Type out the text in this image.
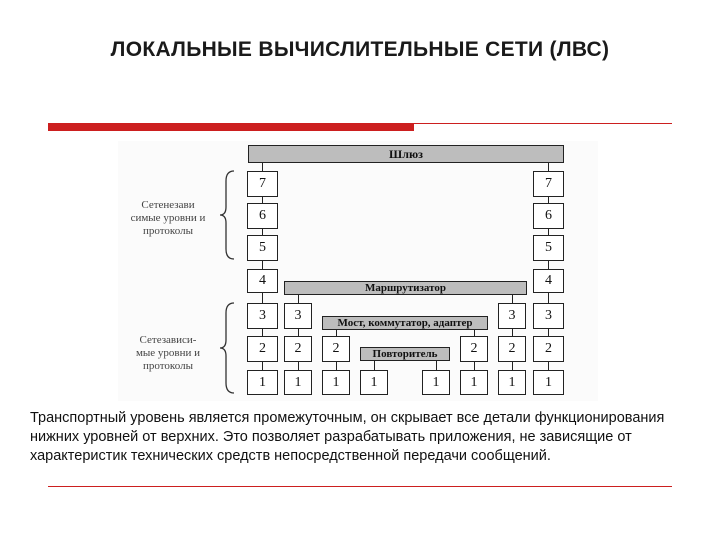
ЛОКАЛЬНЫЕ ВЫЧИСЛИТЕЛЬНЫЕ СЕТИ (ЛВС)
Шлюз
7
6
5
4
3
2
1
7
6
5
4
3
2
1
Маршрутизатор
3
2
1
3
2
1
Мост, коммутатор, адаптер
2
1
2
1
Повторитель
1	1
Сетенезави симые уровни и протоколы
Сетезависи- мые уровни и протоколы
Транспортный уровень является промежуточным, он скрывает все детали функционирования нижних уровней от верхних. Это позволяет разрабатывать приложения, не зависящие от характеристик технических средств непосредственной передачи сообщений.
